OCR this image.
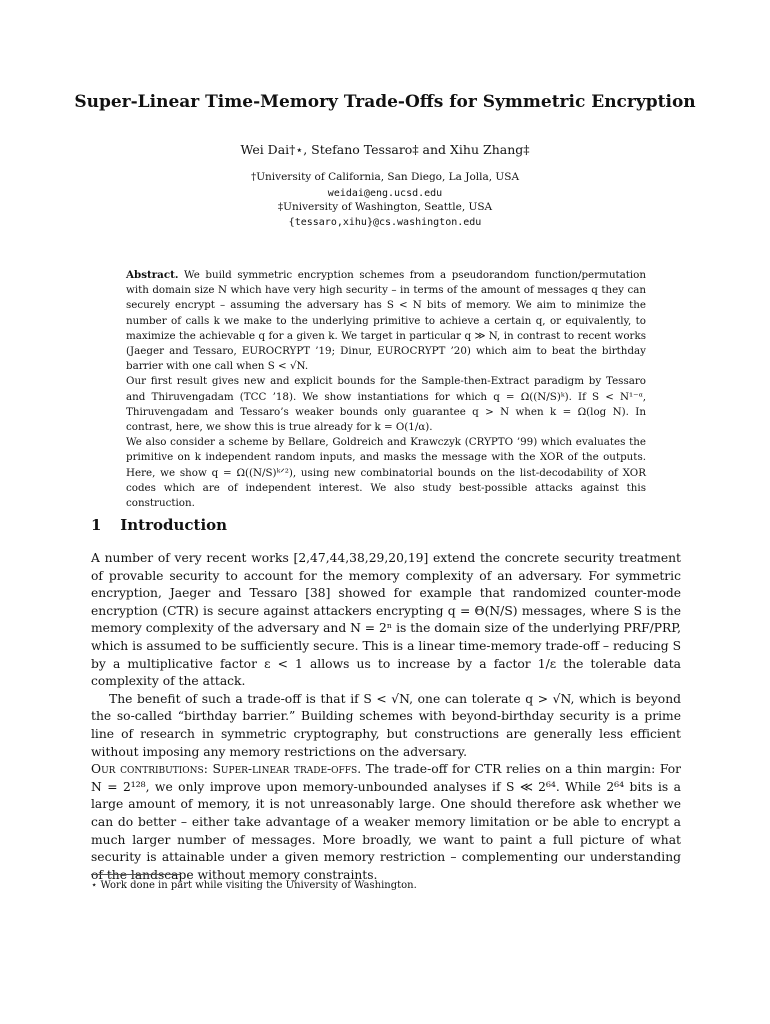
Super-Linear Time-Memory Trade-Offs for Symmetric Encryption
Wei Dai†⋆, Stefano Tessaro‡ and Xihu Zhang‡
†University of California, San Diego, La Jolla, USA
weidai@eng.ucsd.edu
‡University of Washington, Seattle, USA
{tessaro,xihu}@cs.washington.edu

Abstract. We build symmetric encryption schemes from a pseudorandom function/permutation with domain size N which have very high security – in terms of the amount of messages q they can securely encrypt – assuming the adversary has S < N bits of memory. We aim to minimize the number of calls k we make to the underlying primitive to achieve a certain q, or equivalently, to maximize the achievable q for a given k. We target in particular q ≫ N, in contrast to recent works (Jaeger and Tessaro, EUROCRYPT ’19; Dinur, EUROCRYPT ’20) which aim to beat the birthday barrier with one call when S < √N.

Our first result gives new and explicit bounds for the Sample-then-Extract paradigm by Tessaro and Thiruvengadam (TCC ’18). We show instantiations for which q = Ω((N/S)ᵏ). If S < N¹⁻ᵅ, Thiruvengadam and Tessaro’s weaker bounds only guarantee q > N when k = Ω(log N). In contrast, here, we show this is true already for k = O(1/α).

We also consider a scheme by Bellare, Goldreich and Krawczyk (CRYPTO ’99) which evaluates the primitive on k independent random inputs, and masks the message with the XOR of the outputs. Here, we show q = Ω((N/S)ᵏᐟ²), using new combinatorial bounds on the list-decodability of XOR codes which are of independent interest. We also study best-possible attacks against this construction.

1 Introduction

A number of very recent works [2,47,44,38,29,20,19] extend the concrete security treatment of provable security to account for the memory complexity of an adversary. For symmetric encryption, Jaeger and Tessaro [38] showed for example that randomized counter-mode encryption (CTR) is secure against attackers encrypting q = Θ(N/S) messages, where S is the memory complexity of the adversary and N = 2ⁿ is the domain size of the underlying PRF/PRP, which is assumed to be sufficiently secure. This is a linear time-memory trade-off – reducing S by a multiplicative factor ε < 1 allows us to increase by a factor 1/ε the tolerable data complexity of the attack.

The benefit of such a trade-off is that if S < √N, one can tolerate q > √N, which is beyond the so-called “birthday barrier.” Building schemes with beyond-birthday security is a prime line of research in symmetric cryptography, but constructions are generally less efficient without imposing any memory restrictions on the adversary.

Our contributions: Super-linear trade-offs. The trade-off for CTR relies on a thin margin: For N = 2¹²⁸, we only improve upon memory-unbounded analyses if S ≪ 2⁶⁴. While 2⁶⁴ bits is a large amount of memory, it is not unreasonably large. One should therefore ask whether we can do better – either take advantage of a weaker memory limitation or be able to encrypt a much larger number of messages. More broadly, we want to paint a full picture of what security is attainable under a given memory restriction – complementing our understanding of the landscape without memory constraints.

⋆ Work done in part while visiting the University of Washington.
